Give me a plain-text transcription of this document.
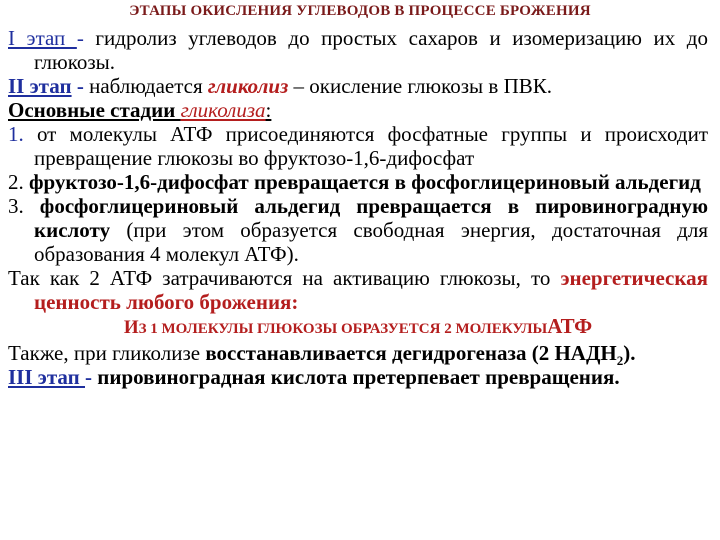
ЭТАПЫ ОКИСЛЕНИЯ УГЛЕВОДОВ В ПРОЦЕССЕ БРОЖЕНИЯ

I этап - гидролиз углеводов до простых сахаров и изомеризацию их до глюкозы.

II этап - наблюдается гликолиз – окисление глюкозы в ПВК.

Основные стадии гликолиза:

1. от молекулы АТФ присоединяются фосфатные группы и происходит превращение глюкозы во фруктозо-1,6-дифосфат

2. фруктозо-1,6-дифосфат превращается в фосфоглицериновый альдегид

3. фосфоглицериновый альдегид превращается в пировиноградную кислоту (при этом образуется свободная энергия, достаточная для образования 4 молекул АТФ).

Так как 2 АТФ затрачиваются на активацию глюкозы, то энергетическая ценность любого брожения:

ИЗ 1 МОЛЕКУЛЫ ГЛЮКОЗЫ ОБРАЗУЕТСЯ 2 МОЛЕКУЛЫАТФ

Также, при гликолизе восстанавливается дегидрогеназа (2 $НАДН_2$).

III этап - пировиноградная кислота претерпевает превращения.
